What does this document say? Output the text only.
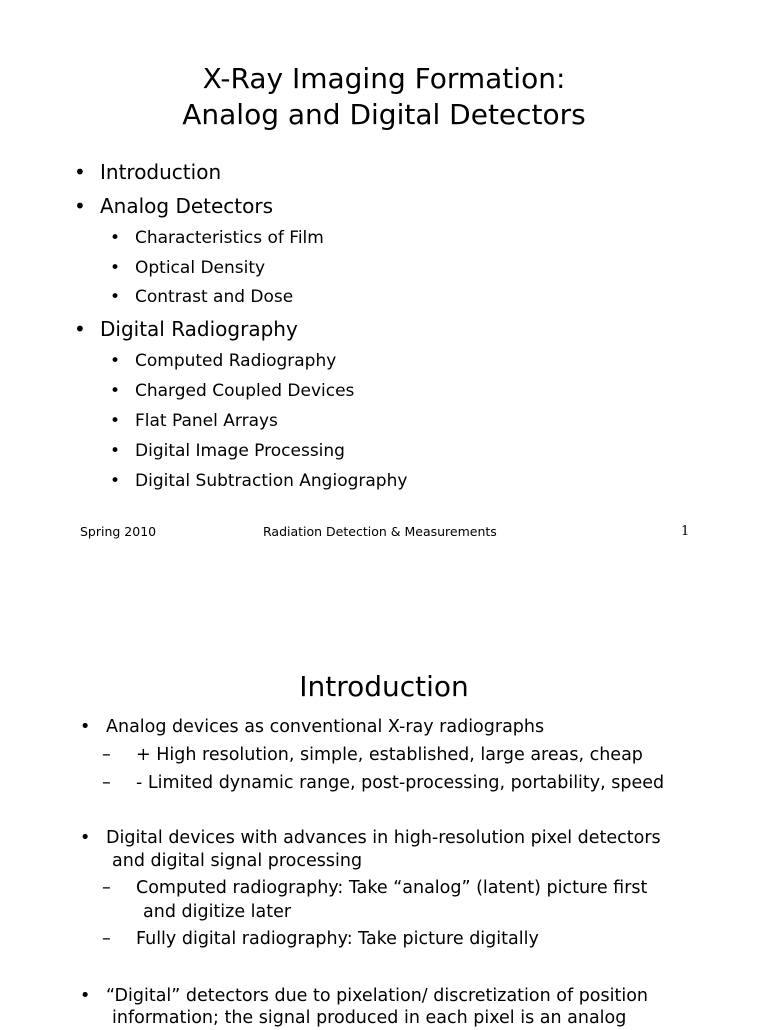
X-Ray Imaging Formation:
Analog and Digital Detectors
• Introduction
• Analog Detectors
• Characteristics of Film
• Optical Density
• Contrast and Dose
• Digital Radiography
• Computed Radiography
• Charged Coupled Devices
• Flat Panel Arrays
• Digital Image Processing
• Digital Subtraction Angiography
Spring 2010	Radiation Detection & Measurements	1
Introduction
• Analog devices as conventional X-ray radiographs
– + High resolution, simple, established, large areas, cheap
– - Limited dynamic range, post-processing, portability, speed
• Digital devices with advances in high-resolution pixel detectors
and digital signal processing
– Computed radiography: Take “analog” (latent) picture first
and digitize later
– Fully digital radiography: Take picture digitally
• “Digital” detectors due to pixelation/ discretization of position
information; the signal produced in each pixel is an analog
